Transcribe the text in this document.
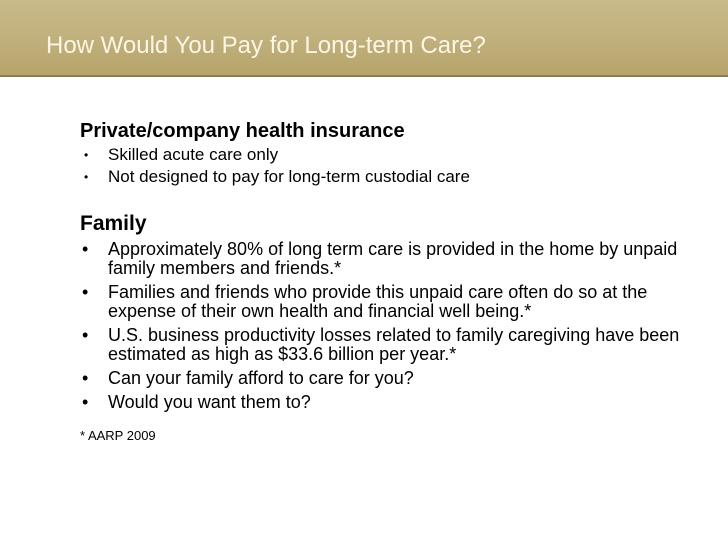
How Would You Pay for Long-term Care?

Private/company health insurance

• Skilled acute care only
• Not designed to pay for long-term custodial care

Family

• Approximately 80% of long term care is provided in the home by unpaid family members and friends.*
• Families and friends who provide this unpaid care often do so at the expense of their own health and financial well being.*
• U.S. business productivity losses related to family caregiving have been estimated as high as $33.6 billion per year.*
• Can your family afford to care for you?
• Would you want them to?

* AARP 2009
